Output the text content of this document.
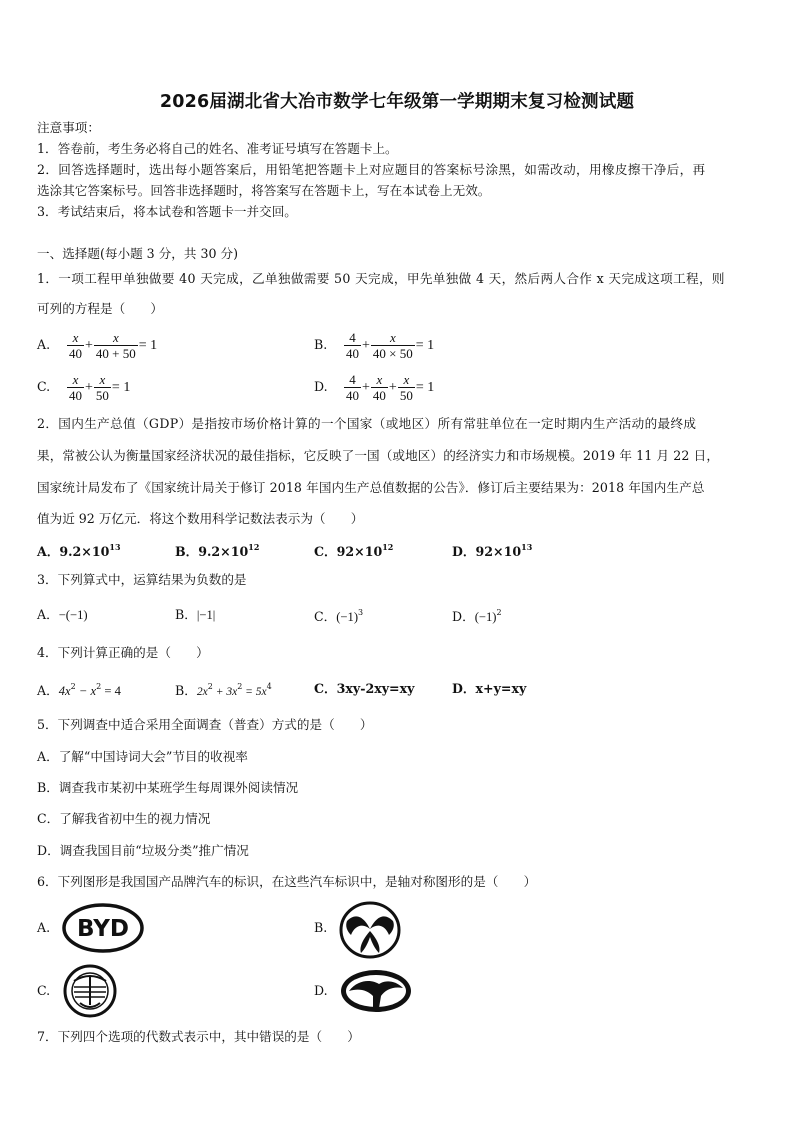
2026届湖北省大冶市数学七年级第一学期期末复习检测试题
注意事项：
1．答卷前，考生务必将自己的姓名、准考证号填写在答题卡上。
2．回答选择题时，选出每小题答案后，用铅笔把答题卡上对应题目的答案标号涂黑，如需改动，用橡皮擦干净后，再
选涂其它答案标号。回答非选择题时，将答案写在答题卡上，写在本试卷上无效。
3．考试结束后，将本试卷和答题卡一并交回。
一、选择题(每小题 3 分，共 30 分)
1．一项工程甲单独做要 40 天完成，乙单独做需要 50 天完成，甲先单独做 4 天，然后两人合作 x 天完成这项工程，则
可列的方程是（　　）
A. $\frac{x}{40} + \frac{x}{40 + 50} = 1$	B. $\frac{4}{40} + \frac{x}{40 \times 50} = 1$
C. $\frac{x}{40} + \frac{x}{50} = 1$	D. $\frac{4}{40} + \frac{x}{40} + \frac{x}{50} = 1$
2．国内生产总值（GDP）是指按市场价格计算的一个国家（或地区）所有常驻单位在一定时期内生产活动的最终成
果，常被公认为衡量国家经济状况的最佳指标，它反映了一国（或地区）的经济实力和市场规模。2019 年 11 月 22 日，
国家统计局发布了《国家统计局关于修订 2018 年国内生产总值数据的公告》．修订后主要结果为：2018 年国内生产总
值为近 92 万亿元．将这个数用科学记数法表示为（　　）
A．$9.2\times 10^{13}$	B．$9.2\times 10^{12}$	C．$92\times 10^{12}$	D．$92\times 10^{13}$
3．下列算式中，运算结果为负数的是
A．−(−1)	B．|−1|	C．$(-1)^3$	D．$(-1)^2$
4．下列计算正确的是（　　）
A．$4x^2 - x^2 = 4$	B．$2x^2 + 3x^2 = 5x^4$	C．3xy-2xy=xy	D．x+y=xy
5．下列调查中适合采用全面调查（普查）方式的是（　　）
A．了解“中国诗词大会”节目的收视率
B．调查我市某初中某班学生每周课外阅读情况
C．了解我省初中生的视力情况
D．调查我国目前“垃圾分类”推广情况
6．下列图形是我国国产品牌汽车的标识，在这些汽车标识中，是轴对称图形的是（　　）
A. BYD	B.
C.	D.
7．下列四个选项的代数式表示中，其中错误的是（　　）
